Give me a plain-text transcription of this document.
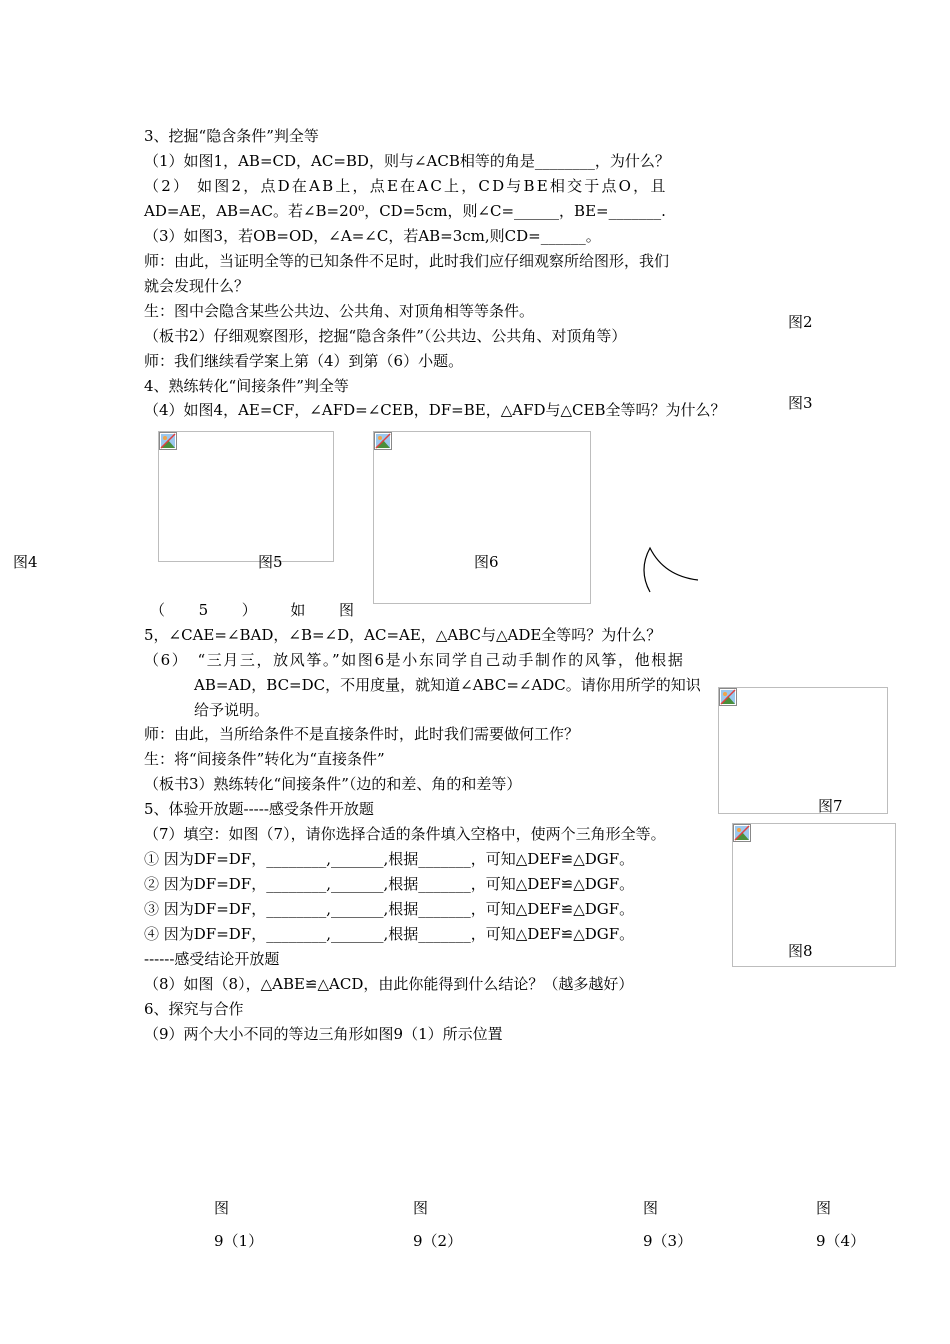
3、挖掘“隐含条件”判全等
（1）如图1，AB=CD，AC=BD，则与∠ACB相等的角是________，为什么？
（2） 如图2，点D在AB上，点E在AC上，CD与BE相交于点O，且
AD=AE，AB=AC。若∠B=20⁰，CD=5cm，则∠C=______，BE=_______.
（3）如图3，若OB=OD，∠A=∠C，若AB=3cm,则CD=______。
师：由此，当证明全等的已知条件不足时，此时我们应仔细观察所给图形，我们
就会发现什么？
生：图中会隐含某些公共边、公共角、对顶角相等等条件。
（板书2）仔细观察图形，挖掘“隐含条件”（公共边、公共角、对顶角等）
师：我们继续看学案上第（4）到第（6）小题。
图2
图3
4、熟练转化“间接条件”判全等
（4）如图4，AE=CF，∠AFD=∠CEB，DF=BE，△AFD与△CEB全等吗？为什么？
图4	图5	图6
（ 5 ） 如 图
5，∠CAE=∠BAD，∠B=∠D，AC=AE，△ABC与△ADE全等吗？为什么？
（6）　“三月三，放风筝。”如图6是小东同学自己动手制作的风筝，他根据
AB=AD，BC=DC，不用度量，就知道∠ABC=∠ADC。请你用所学的知识
给予说明。
师：由此，当所给条件不是直接条件时，此时我们需要做何工作？
生：将“间接条件”转化为“直接条件”
（板书3）熟练转化“间接条件”（边的和差、角的和差等）
图7
5、体验开放题-----感受条件开放题
（7）填空：如图（7），请你选择合适的条件填入空格中，使两个三角形全等。
① 因为DF=DF，________,_______,根据_______，可知△DEF≌△DGF。
② 因为DF=DF，________,_______,根据_______，可知△DEF≌△DGF。
③ 因为DF=DF，________,_______,根据_______，可知△DEF≌△DGF。
④ 因为DF=DF，________,_______,根据_______，可知△DEF≌△DGF。
------感受结论开放题
（8）如图（8），△ABE≌△ACD，由此你能得到什么结论？（越多越好）
图8
6、探究与合作
（9）两个大小不同的等边三角形如图9（1）所示位置
图	图	图	图
9（1）	9（2）	9（3）	9（4）
